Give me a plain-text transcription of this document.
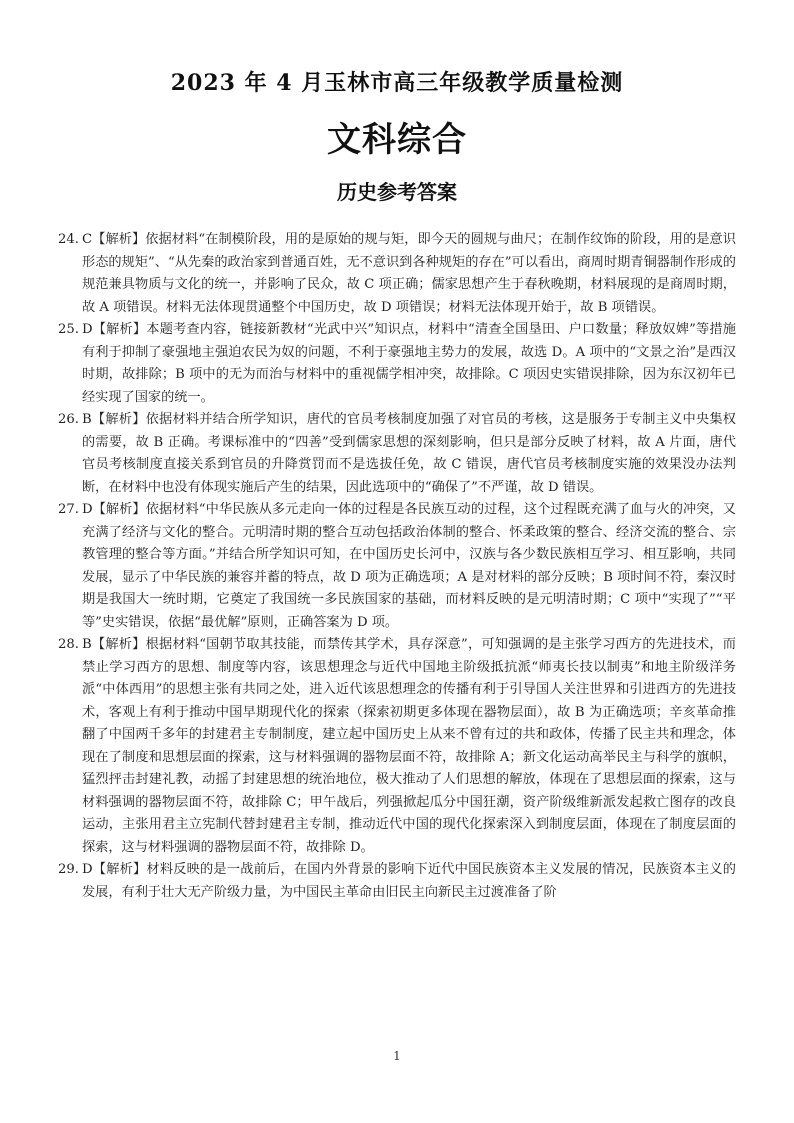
2023 年 4 月玉林市高三年级教学质量检测
文科综合
历史参考答案

24. C【解析】依据材料“在制模阶段，用的是原始的规与矩，即今天的圆规与曲尺；在制作纹饰的阶段，用的是意识形态的规矩”、“从先秦的政治家到普通百姓，无不意识到各种规矩的存在”可以看出，商周时期青铜器制作形成的规范兼具物质与文化的统一，并影响了民众，故 C 项正确；儒家思想产生于春秋晚期，材料展现的是商周时期，故 A 项错误。材料无法体现贯通整个中国历史，故 D 项错误；材料无法体现开始于，故 B 项错误。

25. D【解析】本题考查内容，链接新教材“光武中兴”知识点，材料中“清查全国垦田、户口数量；释放奴婢”等措施有利于抑制了豪强地主强迫农民为奴的问题，不利于豪强地主势力的发展，故选 D。A 项中的“文景之治”是西汉时期，故排除；B 项中的无为而治与材料中的重视儒学相冲突，故排除。C 项因史实错误排除，因为东汉初年已经实现了国家的统一。

26. B【解析】依据材料并结合所学知识，唐代的官员考核制度加强了对官员的考核，这是服务于专制主义中央集权的需要，故 B 正确。考课标准中的“四善”受到儒家思想的深刻影响，但只是部分反映了材料，故 A 片面，唐代官员考核制度直接关系到官员的升降赏罚而不是选拔任免，故 C 错误，唐代官员考核制度实施的效果没办法判断，在材料中也没有体现实施后产生的结果，因此选项中的“确保了”不严谨，故 D 错误。

27. D【解析】依据材料“中华民族从多元走向一体的过程是各民族互动的过程，这个过程既充满了血与火的冲突，又充满了经济与文化的整合。元明清时期的整合互动包括政治体制的整合、怀柔政策的整合、经济交流的整合、宗教管理的整合等方面。”并结合所学知识可知，在中国历史长河中，汉族与各少数民族相互学习、相互影响，共同发展，显示了中华民族的兼容并蓄的特点，故 D 项为正确选项；A 是对材料的部分反映；B 项时间不符，秦汉时期是我国大一统时期，它奠定了我国统一多民族国家的基础，而材料反映的是元明清时期；C 项中“实现了”“平等”史实错误，依据“最优解”原则，正确答案为 D 项。

28. B【解析】根据材料“国朝节取其技能，而禁传其学术，具存深意”，可知强调的是主张学习西方的先进技术，而禁止学习西方的思想、制度等内容，该思想理念与近代中国地主阶级抵抗派“师夷长技以制夷”和地主阶级洋务派“中体西用”的思想主张有共同之处，进入近代该思想理念的传播有利于引导国人关注世界和引进西方的先进技术，客观上有利于推动中国早期现代化的探索（探索初期更多体现在器物层面），故 B 为正确选项；辛亥革命推翻了中国两千多年的封建君主专制制度，建立起中国历史上从来不曾有过的共和政体，传播了民主共和理念，体现在了制度和思想层面的探索，这与材料强调的器物层面不符，故排除 A；新文化运动高举民主与科学的旗帜，猛烈抨击封建礼教，动摇了封建思想的统治地位，极大推动了人们思想的解放，体现在了思想层面的探索，这与材料强调的器物层面不符，故排除 C；甲午战后，列强掀起瓜分中国狂潮，资产阶级维新派发起救亡图存的改良运动，主张用君主立宪制代替封建君主专制，推动近代中国的现代化探索深入到制度层面，体现在了制度层面的探索，这与材料强调的器物层面不符，故排除 D。

29. D【解析】材料反映的是一战前后，在国内外背景的影响下近代中国民族资本主义发展的情况，民族资本主义的发展，有利于壮大无产阶级力量，为中国民主革命由旧民主向新民主过渡准备了阶

1
